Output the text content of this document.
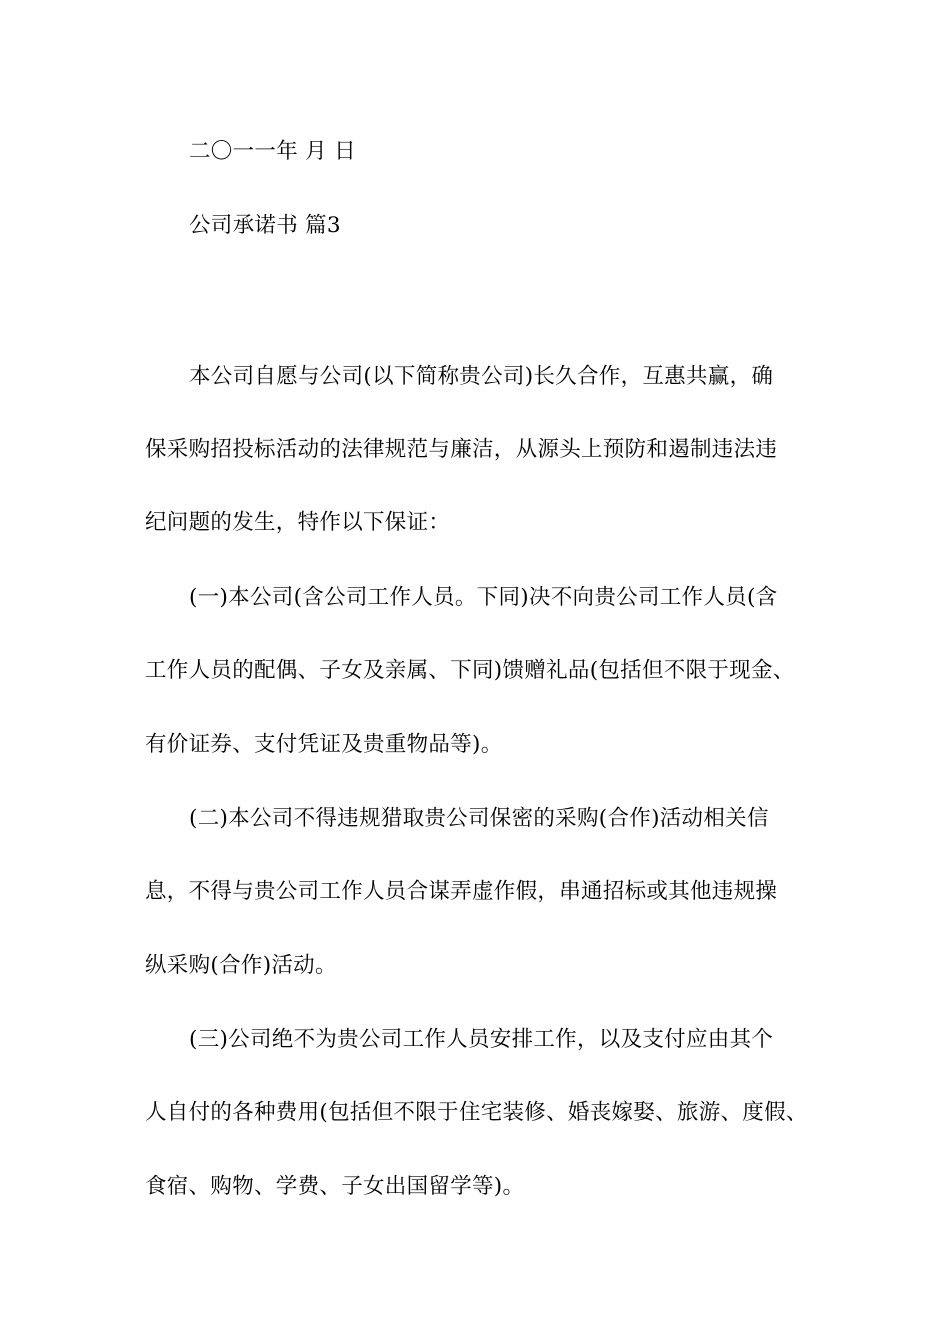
二〇一一年 月 日
公司承诺书 篇3
本公司自愿与公司(以下简称贵公司)长久合作，互惠共赢，确
保采购招投标活动的法律规范与廉洁，从源头上预防和遏制违法违
纪问题的发生，特作以下保证：
(一)本公司(含公司工作人员。下同)决不向贵公司工作人员(含
工作人员的配偶、子女及亲属、下同)馈赠礼品(包括但不限于现金、
有价证券、支付凭证及贵重物品等)。
(二)本公司不得违规猎取贵公司保密的采购(合作)活动相关信
息，不得与贵公司工作人员合谋弄虚作假，串通招标或其他违规操
纵采购(合作)活动。
(三)公司绝不为贵公司工作人员安排工作，以及支付应由其个
人自付的各种费用(包括但不限于住宅装修、婚丧嫁娶、旅游、度假、
食宿、购物、学费、子女出国留学等)。
